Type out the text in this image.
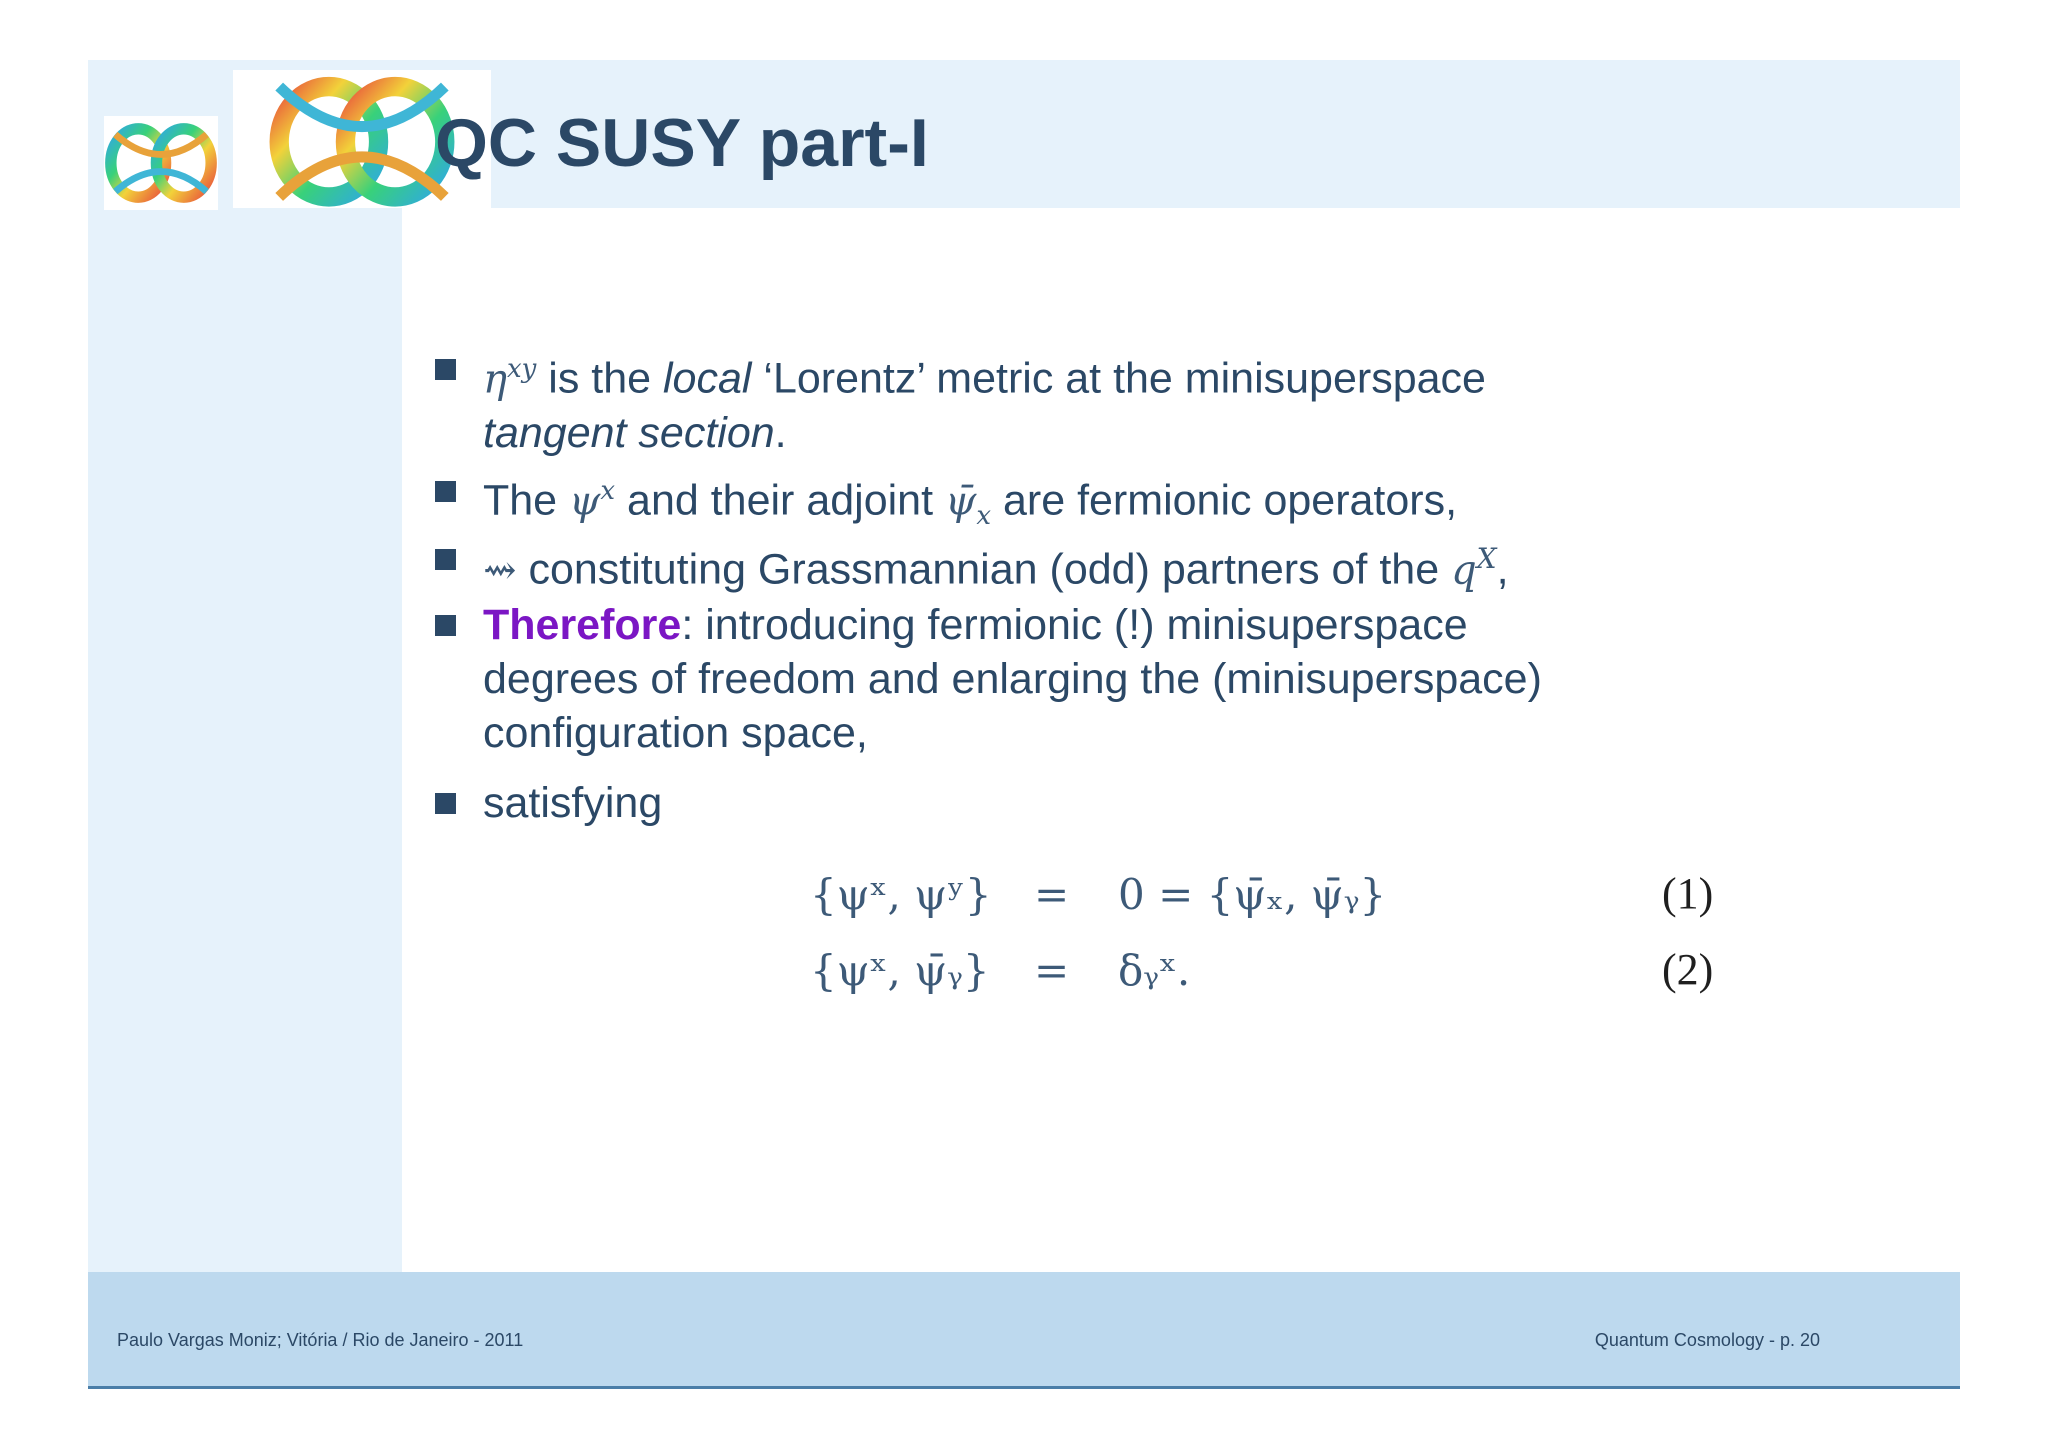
QC SUSY part-I
$\eta^{xy}$ is the local ‘Lorentz’ metric at the minisuperspace
tangent section.
The $\psi^x$ and their adjoint $\psī_x$ are fermionic operators,
⇝ constituting Grassmannian (odd) partners of the $q^X$,
Therefore: introducing fermionic (!) minisuperspace
degrees of freedom and enlarging the (minisuperspace)
configuration space,
satisfying
{ψˣ, ψʸ} = 0 = {ψ̄ₓ, ψ̄ᵧ}	(1)
{ψˣ, ψ̄ᵧ} = δᵧˣ.	(2)
Paulo Vargas Moniz; Vitória / Rio de Janeiro - 2011	Quantum Cosmology - p. 20
